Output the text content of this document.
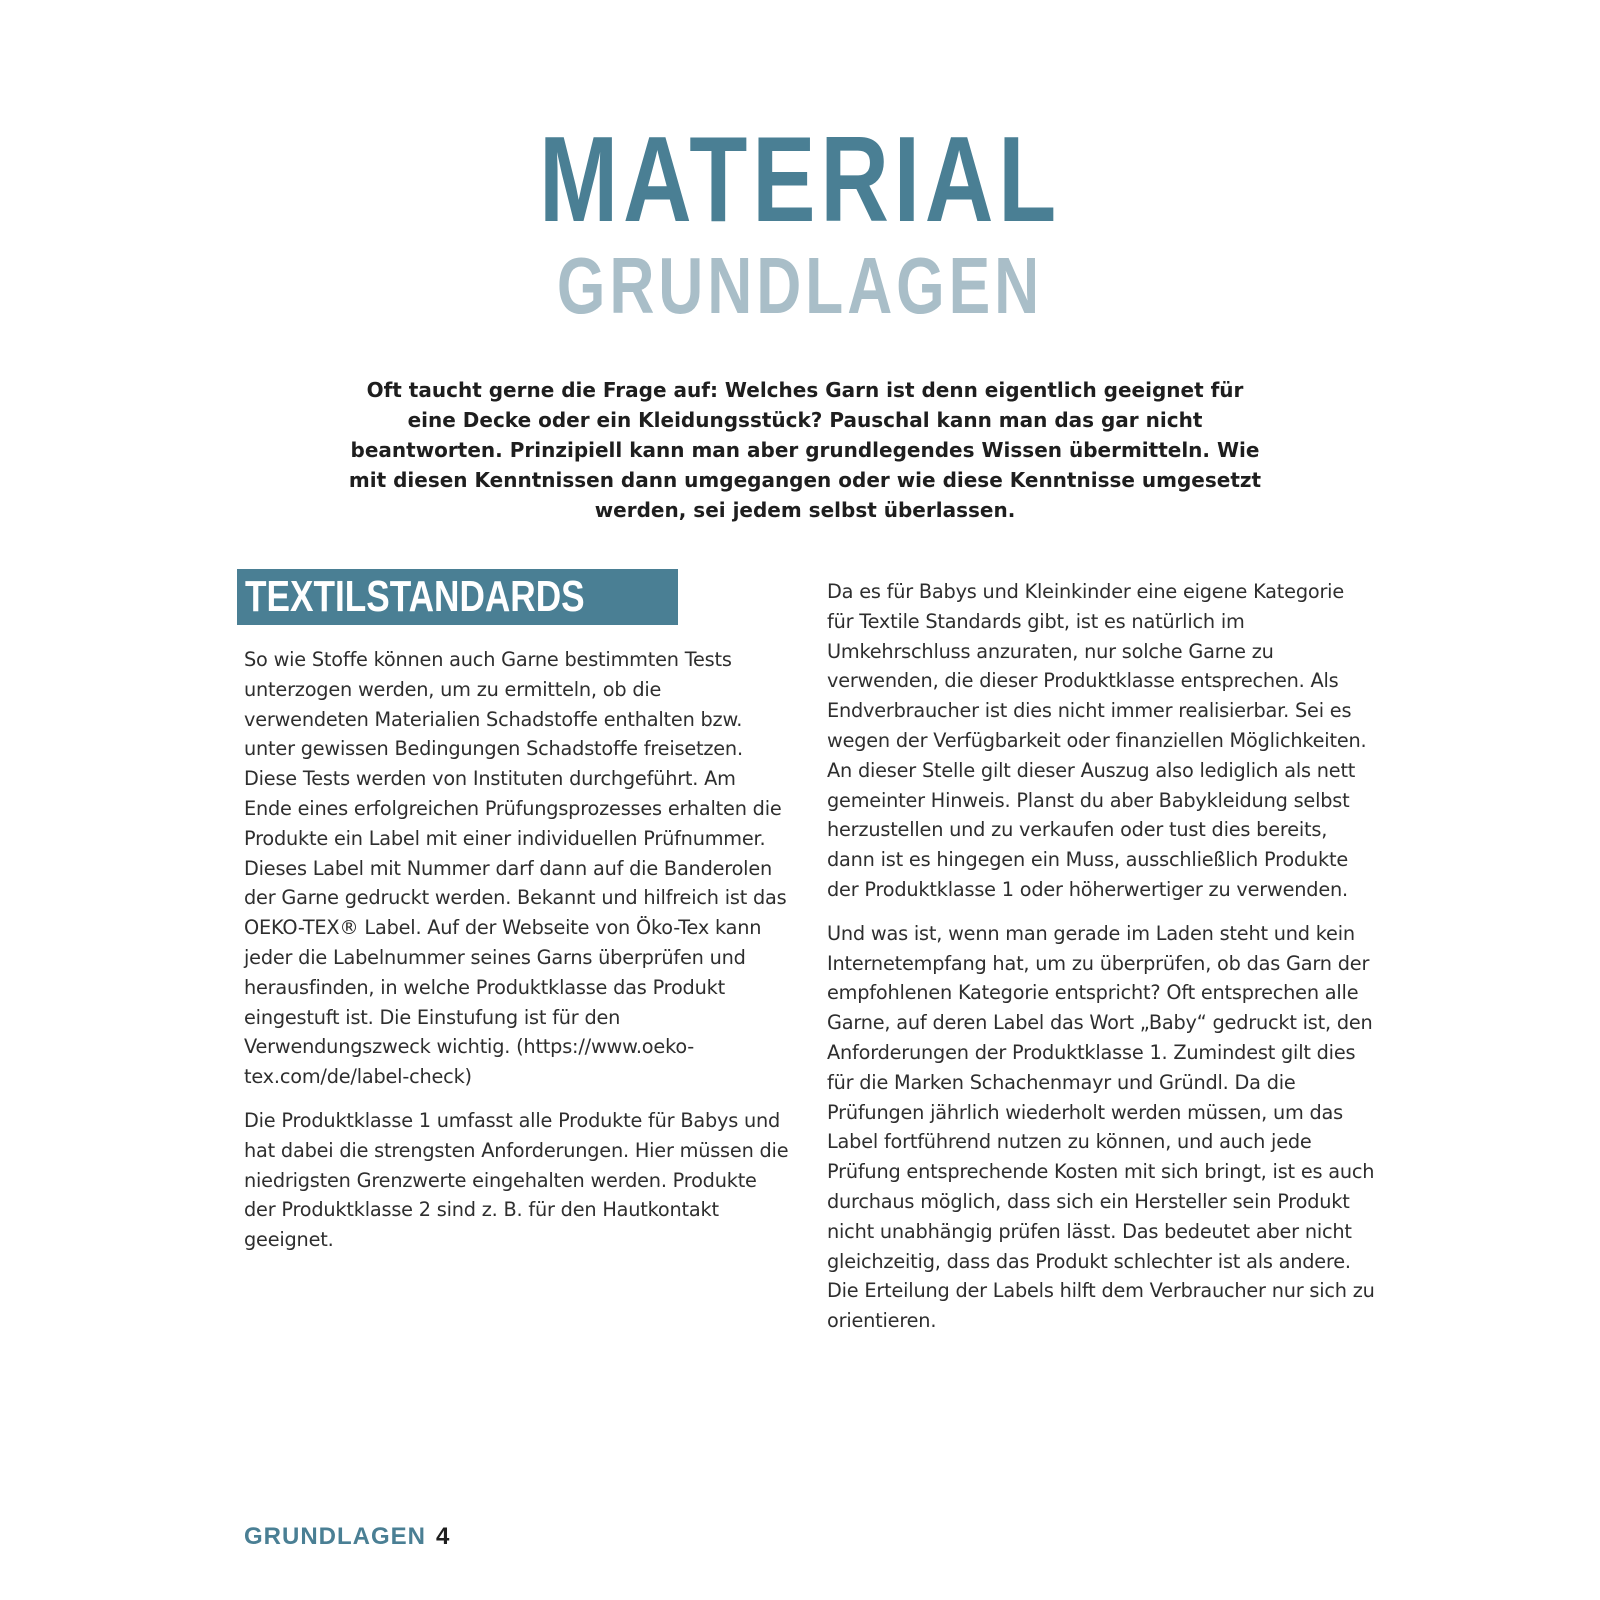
MATERIAL
GRUNDLAGEN
Oft taucht gerne die Frage auf: Welches Garn ist denn eigentlich geeignet für eine Decke oder ein Kleidungsstück? Pauschal kann man das gar nicht beantworten. Prinzipiell kann man aber grundlegendes Wissen übermitteln. Wie mit diesen Kenntnissen dann umgegangen oder wie diese Kenntnisse umgesetzt werden, sei jedem selbst überlassen.
TEXTILSTANDARDS

So wie Stoffe können auch Garne bestimmten Tests unterzogen werden, um zu ermitteln, ob die verwendeten Materialien Schadstoffe enthalten bzw. unter gewissen Bedingungen Schadstoffe freisetzen. Diese Tests werden von Instituten durchgeführt. Am Ende eines erfolgreichen Prüfungsprozesses erhalten die Produkte ein Label mit einer individuellen Prüfnummer. Dieses Label mit Nummer darf dann auf die Banderolen der Garne gedruckt werden. Bekannt und hilfreich ist das OEKO-TEX® Label. Auf der Webseite von Öko-Tex kann jeder die Labelnummer seines Garns überprüfen und herausfinden, in welche Produktklasse das Produkt eingestuft ist. Die Einstufung ist für den Verwendungszweck wichtig. (https://www.oeko-tex.com/de/label-check)

Die Produktklasse 1 umfasst alle Produkte für Babys und hat dabei die strengsten Anforderungen. Hier müssen die niedrigsten Grenzwerte eingehalten werden. Produkte der Produktklasse 2 sind z. B. für den Hautkontakt geeignet.

Da es für Babys und Kleinkinder eine eigene Kategorie für Textile Standards gibt, ist es natürlich im Umkehrschluss anzuraten, nur solche Garne zu verwenden, die dieser Produktklasse entsprechen. Als Endverbraucher ist dies nicht immer realisierbar. Sei es wegen der Verfügbarkeit oder finanziellen Möglichkeiten. An dieser Stelle gilt dieser Auszug also lediglich als nett gemeinter Hinweis. Planst du aber Babykleidung selbst herzustellen und zu verkaufen oder tust dies bereits, dann ist es hingegen ein Muss, ausschließlich Produkte der Produktklasse 1 oder höherwertiger zu verwenden.

Und was ist, wenn man gerade im Laden steht und kein Internetempfang hat, um zu überprüfen, ob das Garn der empfohlenen Kategorie entspricht? Oft entsprechen alle Garne, auf deren Label das Wort „Baby“ gedruckt ist, den Anforderungen der Produktklasse 1. Zumindest gilt dies für die Marken Schachenmayr und Gründl. Da die Prüfungen jährlich wiederholt werden müssen, um das Label fortführend nutzen zu können, und auch jede Prüfung entsprechende Kosten mit sich bringt, ist es auch durchaus möglich, dass sich ein Hersteller sein Produkt nicht unabhängig prüfen lässt. Das bedeutet aber nicht gleichzeitig, dass das Produkt schlechter ist als andere. Die Erteilung der Labels hilft dem Verbraucher nur sich zu orientieren.

GRUNDLAGEN 4
